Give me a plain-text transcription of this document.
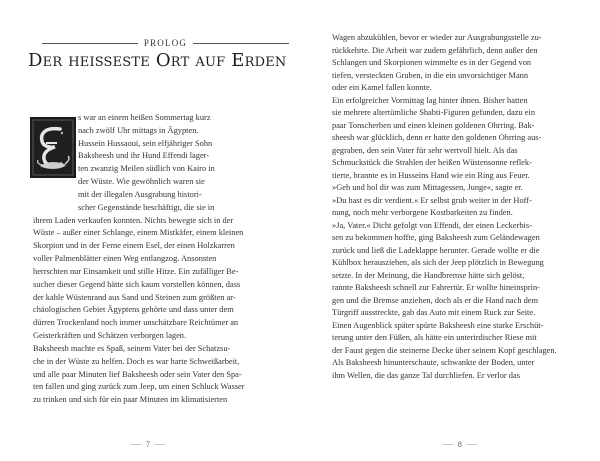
PROLOG
Der heißeste Ort auf Erden
s war an einem heißen Sommertag kurz
nach zwölf Uhr mittags in Ägypten.
Hussein Hussaoui, sein elfjähriger Sohn
Baksheesh und ihr Hund Effendi lager-
ten zwanzig Meilen südlich von Kairo in
der Wüste. Wie gewöhnlich waren sie
mit der illegalen Ausgrabung histori-
scher Gegenstände beschäftigt, die sie in
ihrem Laden verkaufen konnten. Nichts bewegte sich in der
Wüste – außer einer Schlange, einem Mistkäfer, einem kleinen
Skorpion und in der Ferne einem Esel, der einen Holzkarren
voller Palmenblätter einen Weg entlangzog. Ansonsten
herrschten nur Einsamkeit und stille Hitze. Ein zufälliger Be-
sucher dieser Gegend hätte sich kaum vorstellen können, dass
der kahle Wüstenrand aus Sand und Steinen zum größten ar-
chäologischen Gebiet Ägyptens gehörte und dass unter dem
dürren Trockenland noch immer unschätzbare Reichtümer an
Geisterkräften und Schätzen verborgen lagen.
Baksheesh machte es Spaß, seinem Vater bei der Schatzsu-
che in der Wüste zu helfen. Doch es war harte Schweißarbeit,
und alle paar Minuten lief Baksheesh oder sein Vater den Spa-
ten fallen und ging zurück zum Jeep, um einen Schluck Wasser
zu trinken und sich für ein paar Minuten im klimatisierten
⸺ 7 ⸺
Wagen abzukühlen, bevor er wieder zur Ausgrabungsstelle zu-
rückkehrte. Die Arbeit war zudem gefährlich, denn außer den
Schlangen und Skorpionen wimmelte es in der Gegend von
tiefen, versteckten Gruben, in die ein unvorsichtiger Mann
oder ein Kamel fallen konnte.
Ein erfolgreicher Vormittag lag hinter ihnen. Bisher hatten
sie mehrere altertümliche Shabti-Figuren gefunden, dazu ein
paar Tonscherben und einen kleinen goldenen Ohrring. Bak-
sheesh war glücklich, denn er hatte den goldenen Ohrring aus-
gegraben, den sein Vater für sehr wertvoll hielt. Als das
Schmuckstück die Strahlen der heißen Wüstensonne reflek-
tierte, brannte es in Husseins Hand wie ein Ring aus Feuer.
»Geh und hol dir was zum Mittagessen, Junge«, sagte er.
»Du hast es dir verdient.« Er selbst grub weiter in der Hoff-
nung, noch mehr verborgene Kostbarkeiten zu finden.
»Ja, Vater.« Dicht gefolgt von Effendi, der einen Leckerbis-
sen zu bekommen hoffte, ging Baksheesh zum Geländewagen
zurück und ließ die Ladeklappe herunter. Gerade wollte er die
Kühlbox herausziehen, als sich der Jeep plötzlich in Bewegung
setzte. In der Meinung, die Handbremse hätte sich gelöst,
rannte Baksheesh schnell zur Fahrertür. Er wollte hineinsprin-
gen und die Bremse anziehen, doch als er die Hand nach dem
Türgriff ausstreckte, gab das Auto mit einem Ruck zur Seite.
Einen Augenblick später spürte Baksheesh eine starke Erschüt-
terung unter den Füßen, als hätte ein unterirdischer Riese mit
der Faust gegen die steinerne Decke über seinem Kopf geschlagen.
Als Baksheesh hinunterschaute, schwankte der Boden, unter
ihm Wellen, die das ganze Tal durchliefen. Er verlor das
⸺ 8 ⸺
